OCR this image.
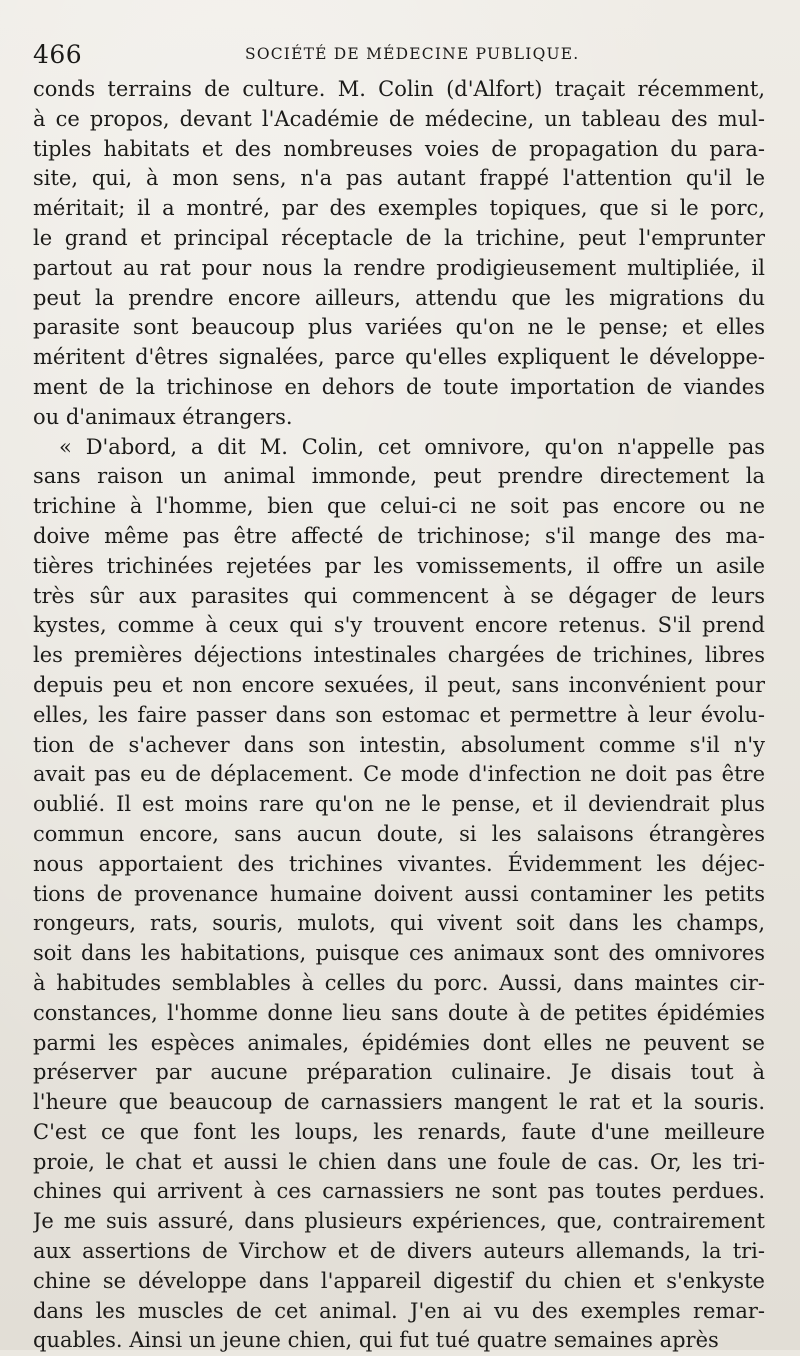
466	SOCIÉTÉ DE MÉDECINE PUBLIQUE.
conds terrains de culture. M. Colin (d'Alfort) traçait récemment,
à ce propos, devant l'Académie de médecine, un tableau des mul-
tiples habitats et des nombreuses voies de propagation du para-
site, qui, à mon sens, n'a pas autant frappé l'attention qu'il le
méritait; il a montré, par des exemples topiques, que si le porc,
le grand et principal réceptacle de la trichine, peut l'emprunter
partout au rat pour nous la rendre prodigieusement multipliée, il
peut la prendre encore ailleurs, attendu que les migrations du
parasite sont beaucoup plus variées qu'on ne le pense; et elles
méritent d'êtres signalées, parce qu'elles expliquent le développe-
ment de la trichinose en dehors de toute importation de viandes
ou d'animaux étrangers.
« D'abord, a dit M. Colin, cet omnivore, qu'on n'appelle pas
sans raison un animal immonde, peut prendre directement la
trichine à l'homme, bien que celui-ci ne soit pas encore ou ne
doive même pas être affecté de trichinose; s'il mange des ma-
tières trichinées rejetées par les vomissements, il offre un asile
très sûr aux parasites qui commencent à se dégager de leurs
kystes, comme à ceux qui s'y trouvent encore retenus. S'il prend
les premières déjections intestinales chargées de trichines, libres
depuis peu et non encore sexuées, il peut, sans inconvénient pour
elles, les faire passer dans son estomac et permettre à leur évolu-
tion de s'achever dans son intestin, absolument comme s'il n'y
avait pas eu de déplacement. Ce mode d'infection ne doit pas être
oublié. Il est moins rare qu'on ne le pense, et il deviendrait plus
commun encore, sans aucun doute, si les salaisons étrangères
nous apportaient des trichines vivantes. Évidemment les déjec-
tions de provenance humaine doivent aussi contaminer les petits
rongeurs, rats, souris, mulots, qui vivent soit dans les champs,
soit dans les habitations, puisque ces animaux sont des omnivores
à habitudes semblables à celles du porc. Aussi, dans maintes cir-
constances, l'homme donne lieu sans doute à de petites épidémies
parmi les espèces animales, épidémies dont elles ne peuvent se
préserver par aucune préparation culinaire. Je disais tout à
l'heure que beaucoup de carnassiers mangent le rat et la souris.
C'est ce que font les loups, les renards, faute d'une meilleure
proie, le chat et aussi le chien dans une foule de cas. Or, les tri-
chines qui arrivent à ces carnassiers ne sont pas toutes perdues.
Je me suis assuré, dans plusieurs expériences, que, contrairement
aux assertions de Virchow et de divers auteurs allemands, la tri-
chine se développe dans l'appareil digestif du chien et s'enkyste
dans les muscles de cet animal. J'en ai vu des exemples remar-
quables. Ainsi un jeune chien, qui fut tué quatre semaines après
